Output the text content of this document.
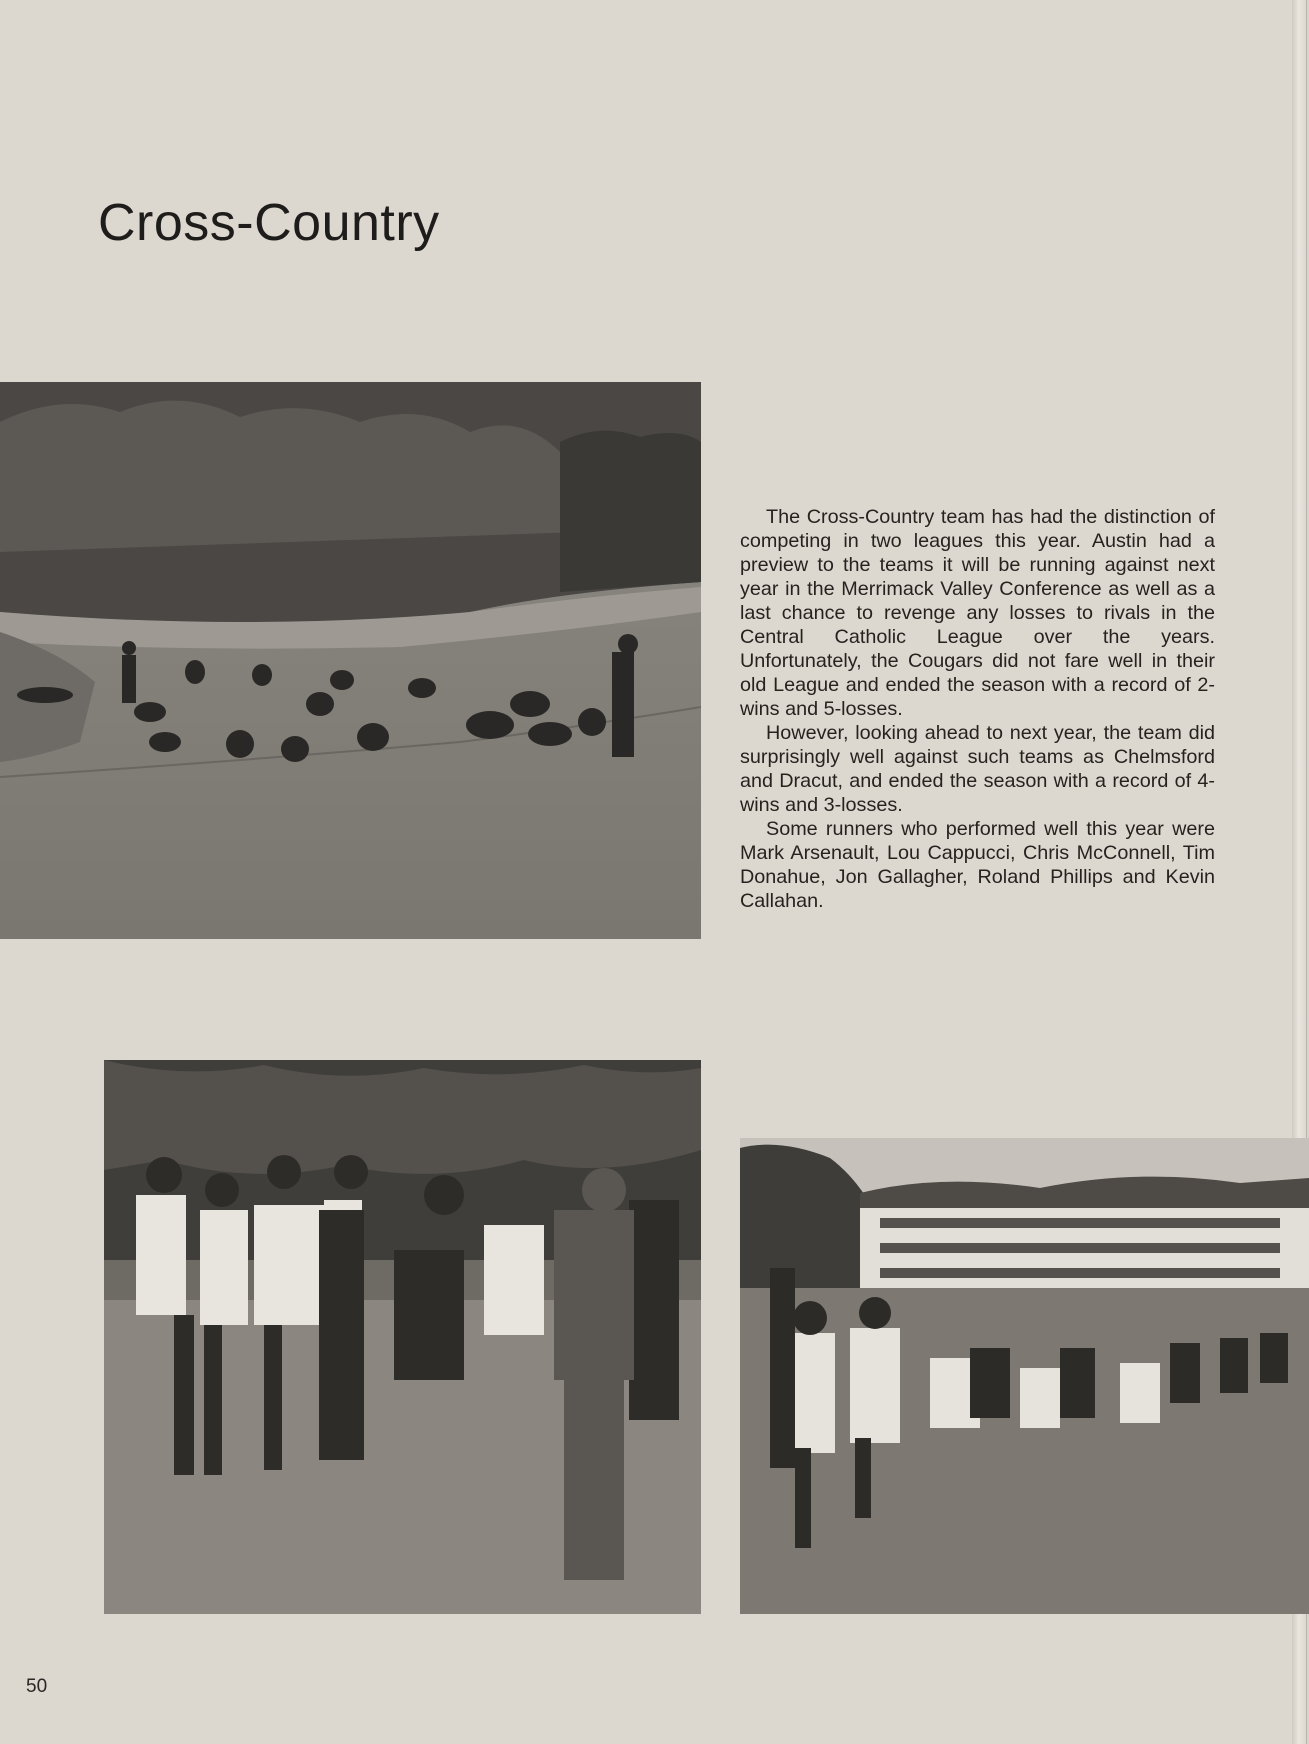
Cross-Country

The Cross-Country team has had the distinction of competing in two leagues this year. Austin had a preview to the teams it will be running against next year in the Merrimack Valley Conference as well as a last chance to revenge any losses to rivals in the Central Catholic League over the years. Unfortunately, the Cougars did not fare well in their old League and ended the season with a record of 2-wins and 5-losses.

However, looking ahead to next year, the team did surprisingly well against such teams as Chelmsford and Dracut, and ended the season with a record of 4-wins and 3-losses.

Some runners who performed well this year were Mark Arsenault, Lou Cappucci, Chris McConnell, Tim Donahue, Jon Gallagher, Roland Phillips and Kevin Callahan.

50
